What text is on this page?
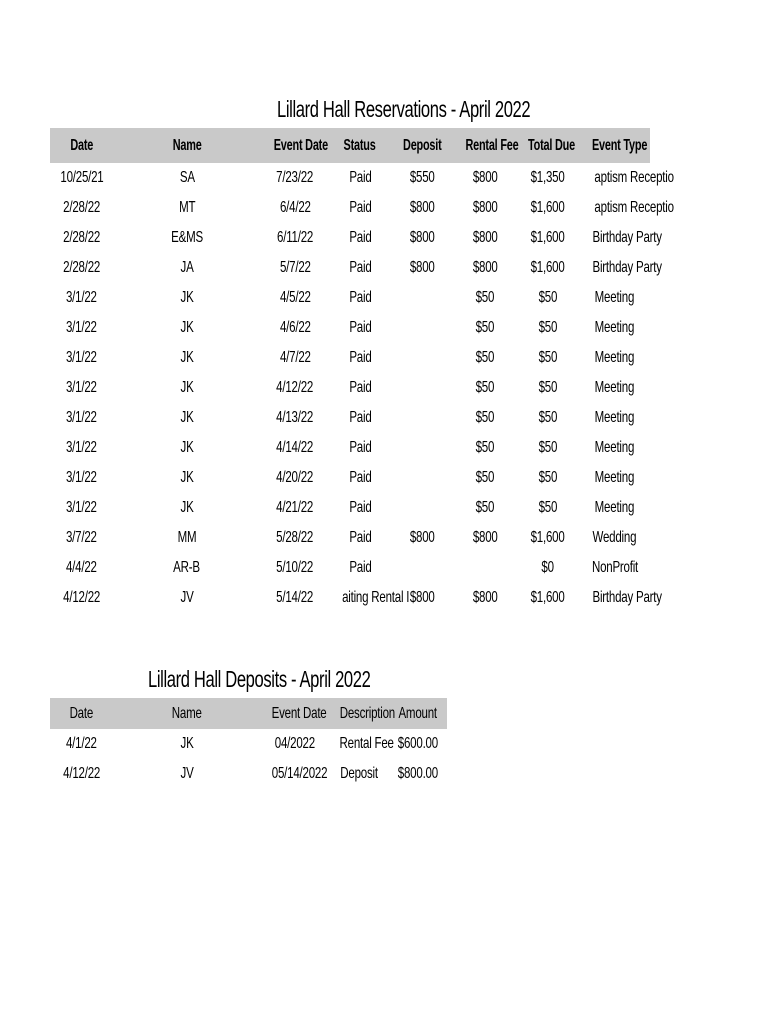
Lillard Hall Reservations - April 2022
Date	Name	Event Date	Status	Deposit	Rental Fee	Total Due	Event Type
10/25/21	SA	7/23/22	Paid	$550	$800	$1,350	aptism Receptio
2/28/22	MT	6/4/22	Paid	$800	$800	$1,600	aptism Receptio
2/28/22	E&MS	6/11/22	Paid	$800	$800	$1,600	Birthday Party
2/28/22	JA	5/7/22	Paid	$800	$800	$1,600	Birthday Party
3/1/22	JK	4/5/22	Paid		$50	$50	Meeting
3/1/22	JK	4/6/22	Paid		$50	$50	Meeting
3/1/22	JK	4/7/22	Paid		$50	$50	Meeting
3/1/22	JK	4/12/22	Paid		$50	$50	Meeting
3/1/22	JK	4/13/22	Paid		$50	$50	Meeting
3/1/22	JK	4/14/22	Paid		$50	$50	Meeting
3/1/22	JK	4/20/22	Paid		$50	$50	Meeting
3/1/22	JK	4/21/22	Paid		$50	$50	Meeting
3/7/22	MM	5/28/22	Paid	$800	$800	$1,600	Wedding
4/4/22	AR-B	5/10/22	Paid			$0	NonProfit
4/12/22	JV	5/14/22	aiting Rental I	$800	$800	$1,600	Birthday Party
Lillard Hall Deposits - April 2022
Date	Name	Event Date	Description	Amount
4/1/22	JK	04/2022	Rental Fee	$600.00
4/12/22	JV	05/14/2022	Deposit	$800.00
